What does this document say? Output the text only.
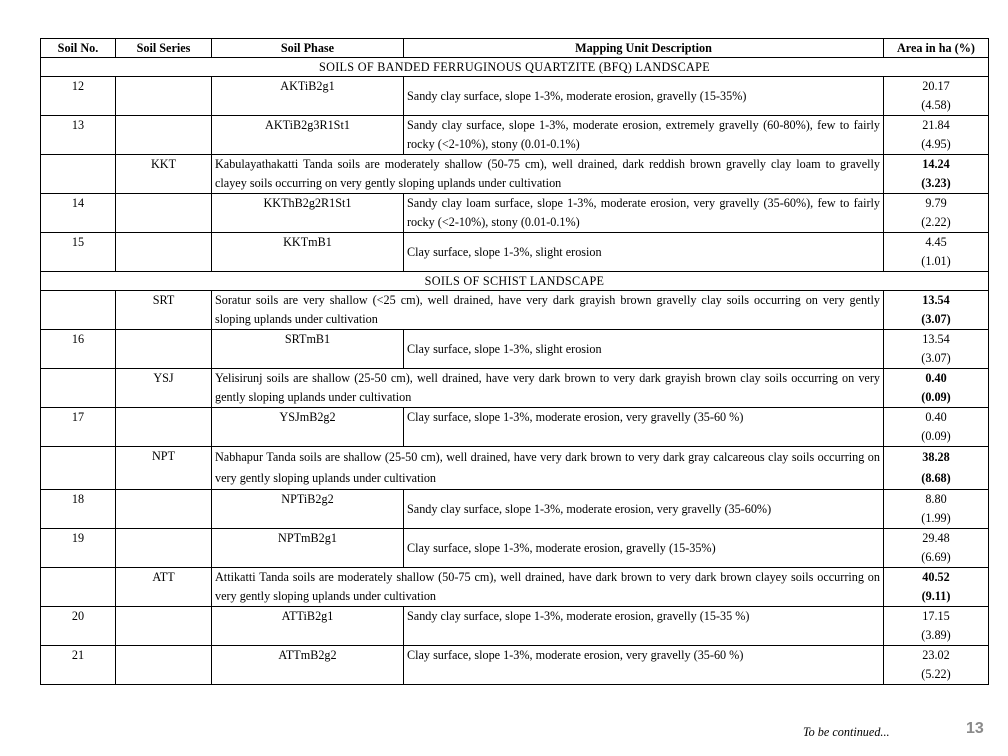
Soil No.	Soil Series	Soil Phase	Mapping Unit Description	Area in ha (%)
SOILS OF BANDED FERRUGINOUS QUARTZITE (BFQ) LANDSCAPE				
12		AKTiB2g1	Sandy clay surface, slope 1-3%, moderate erosion, gravelly (15-35%)	20.17
(4.58)
13		AKTiB2g3R1St1	Sandy clay surface, slope 1-3%, moderate erosion, extremely gravelly (60-80%), few to fairly rocky (<2-10%), stony (0.01-0.1%)	21.84
(4.95)
	KKT	Kabulayathakatti Tanda soils are moderately shallow (50-75 cm), well drained, dark reddish brown gravelly clay loam to gravelly clayey soils occurring on very gently sloping uplands under cultivation		14.24
(3.23)
14		KKThB2g2R1St1	Sandy clay loam surface, slope 1-3%, moderate erosion, very gravelly (35-60%), few to fairly rocky (<2-10%), stony (0.01-0.1%)	9.79
(2.22)
15		KKTmB1	Clay surface, slope 1-3%, slight erosion	4.45
(1.01)
SOILS OF SCHIST LANDSCAPE				
	SRT	Soratur soils are very shallow (<25 cm), well drained, have very dark grayish brown gravelly clay soils occurring on very gently sloping uplands under cultivation		13.54
(3.07)
16		SRTmB1	Clay surface, slope 1-3%, slight erosion	13.54
(3.07)
	YSJ	Yelisirunj soils are shallow (25-50 cm), well drained, have very dark brown to very dark grayish brown clay soils occurring on very gently sloping uplands under cultivation		0.40
(0.09)
17		YSJmB2g2	Clay surface, slope 1-3%, moderate erosion, very gravelly (35-60 %)	0.40
(0.09)
	NPT	Nabhapur Tanda soils are shallow (25-50 cm), well drained, have very dark brown to very dark gray calcareous clay soils occurring on very gently sloping uplands under cultivation		38.28
(8.68)
18		NPTiB2g2	Sandy clay surface, slope 1-3%, moderate erosion, very gravelly (35-60%)	8.80
(1.99)
19		NPTmB2g1	Clay surface, slope 1-3%, moderate erosion, gravelly (15-35%)	29.48
(6.69)
	ATT	Attikatti Tanda soils are moderately shallow (50-75 cm), well drained, have dark brown to very dark brown clayey soils occurring on very gently sloping uplands under cultivation		40.52
(9.11)
20		ATTiB2g1	Sandy clay surface, slope 1-3%, moderate erosion, gravelly (15-35 %)	17.15
(3.89)
21		ATTmB2g2	Clay surface, slope 1-3%, moderate erosion, very gravelly (35-60 %)	23.02
(5.22)
To be continued...	13
